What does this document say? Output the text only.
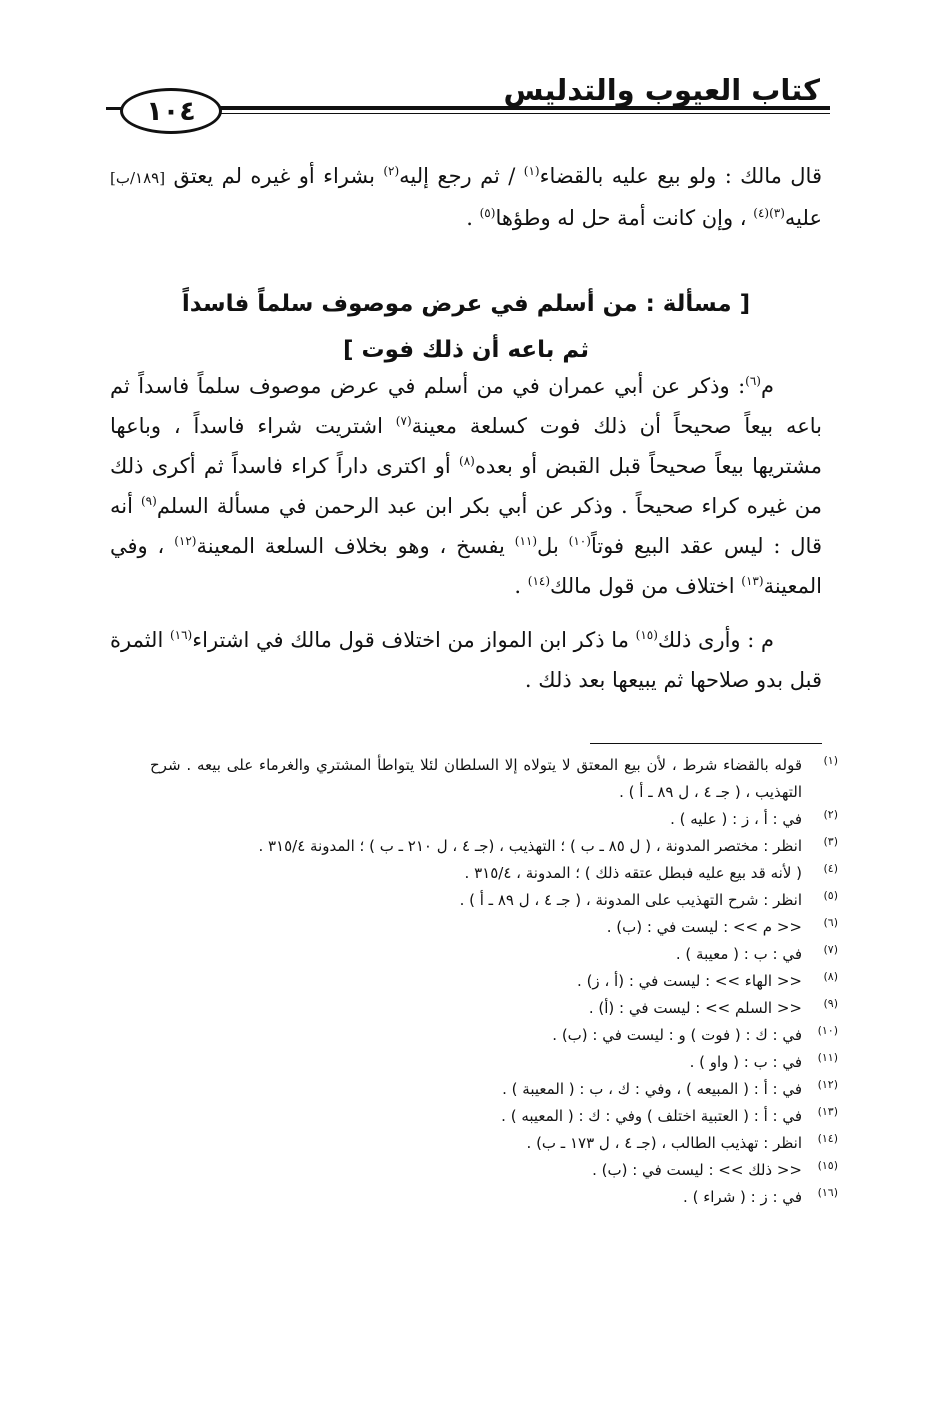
كتاب العيوب والتدليس
١٠٤
قال مالك : ولو بيع عليه بالقضاء$^{(١)}$ / ثم رجع إليه$^{(٢)}$ بشراء أو غيره لم يعتق [١٨٩/ب] عليه$^{(٣)(٤)}$ ، وإن كانت أمة حل له وطؤها$^{(٥)}$ .
[ مسألة : من أسلم في عرض موصوف سلماً فاسداً
ثم باعه أن ذلك فوت ]
م$^{(٦)}$: وذكر عن أبي عمران في من أسلم في عرض موصوف سلماً فاسداً ثم باعه بيعاً صحيحاً أن ذلك فوت كسلعة معينة$^{(٧)}$ اشتريت شراء فاسداً ، وباعها مشتريها بيعاً صحيحاً قبل القبض أو بعده$^{(٨)}$ أو اكترى داراً كراء فاسداً ثم أكرى ذلك من غيره كراء صحيحاً . وذكر عن أبي بكر ابن عبد الرحمن في مسألة السلم$^{(٩)}$ أنه قال : ليس عقد البيع فوتاً$^{(١٠)}$ بل$^{(١١)}$ يفسخ ، وهو بخلاف السلعة المعينة$^{(١٢)}$ ، وفي المعينة$^{(١٣)}$ اختلاف من قول مالك$^{(١٤)}$ .
م : وأرى ذلك$^{(١٥)}$ ما ذكر ابن المواز من اختلاف قول مالك في اشتراء$^{(١٦)}$ الثمرة قبل بدو صلاحها ثم يبيعها بعد ذلك .
(١)
قوله بالقضاء شرط ، لأن بيع المعتق لا يتولاه إلا السلطان لئلا يتواطأ المشتري والغرماء على بيعه . شرح التهذيب ، ( جـ ٤ ، ل ٨٩ ـ أ ) .
(٢)
في : أ ، ز : ( عليه ) .
(٣)
انظر : مختصر المدونة ، ( ل ٨٥ ـ ب ) ؛ التهذيب ، (جـ ٤ ، ل ٢١٠ ـ ب ) ؛ المدونة ٣١٥/٤ .
(٤)
( لأنه قد بيع عليه فبطل عتقه ذلك ) ؛ المدونة ، ٣١٥/٤ .
(٥)
انظر : شرح التهذيب على المدونة ، ( جـ ٤ ، ل ٨٩ ـ أ ) .
(٦)
<< م >> : ليست في : (ب) .
(٧)
في : ب : ( معيبة ) .
(٨)
<< الهاء >> : ليست في : (أ ، ز) .
(٩)
<< السلم >> : ليست في : (أ) .
(١٠)
في : ك : ( فوت ) و : ليست في : (ب) .
(١١)
في : ب : ( واو ) .
(١٢)
في : أ : ( المبيعه ) ، وفي : ك ، ب : ( المعيبة ) .
(١٣)
في : أ : ( العتبية اختلف ) وفي : ك : ( المعيبه ) .
(١٤)
انظر : تهذيب الطالب ، (جـ ٤ ، ل ١٧٣ ـ ب) .
(١٥)
<< ذلك >> : ليست في : (ب) .
(١٦)
في : ز : ( شراء ) .
